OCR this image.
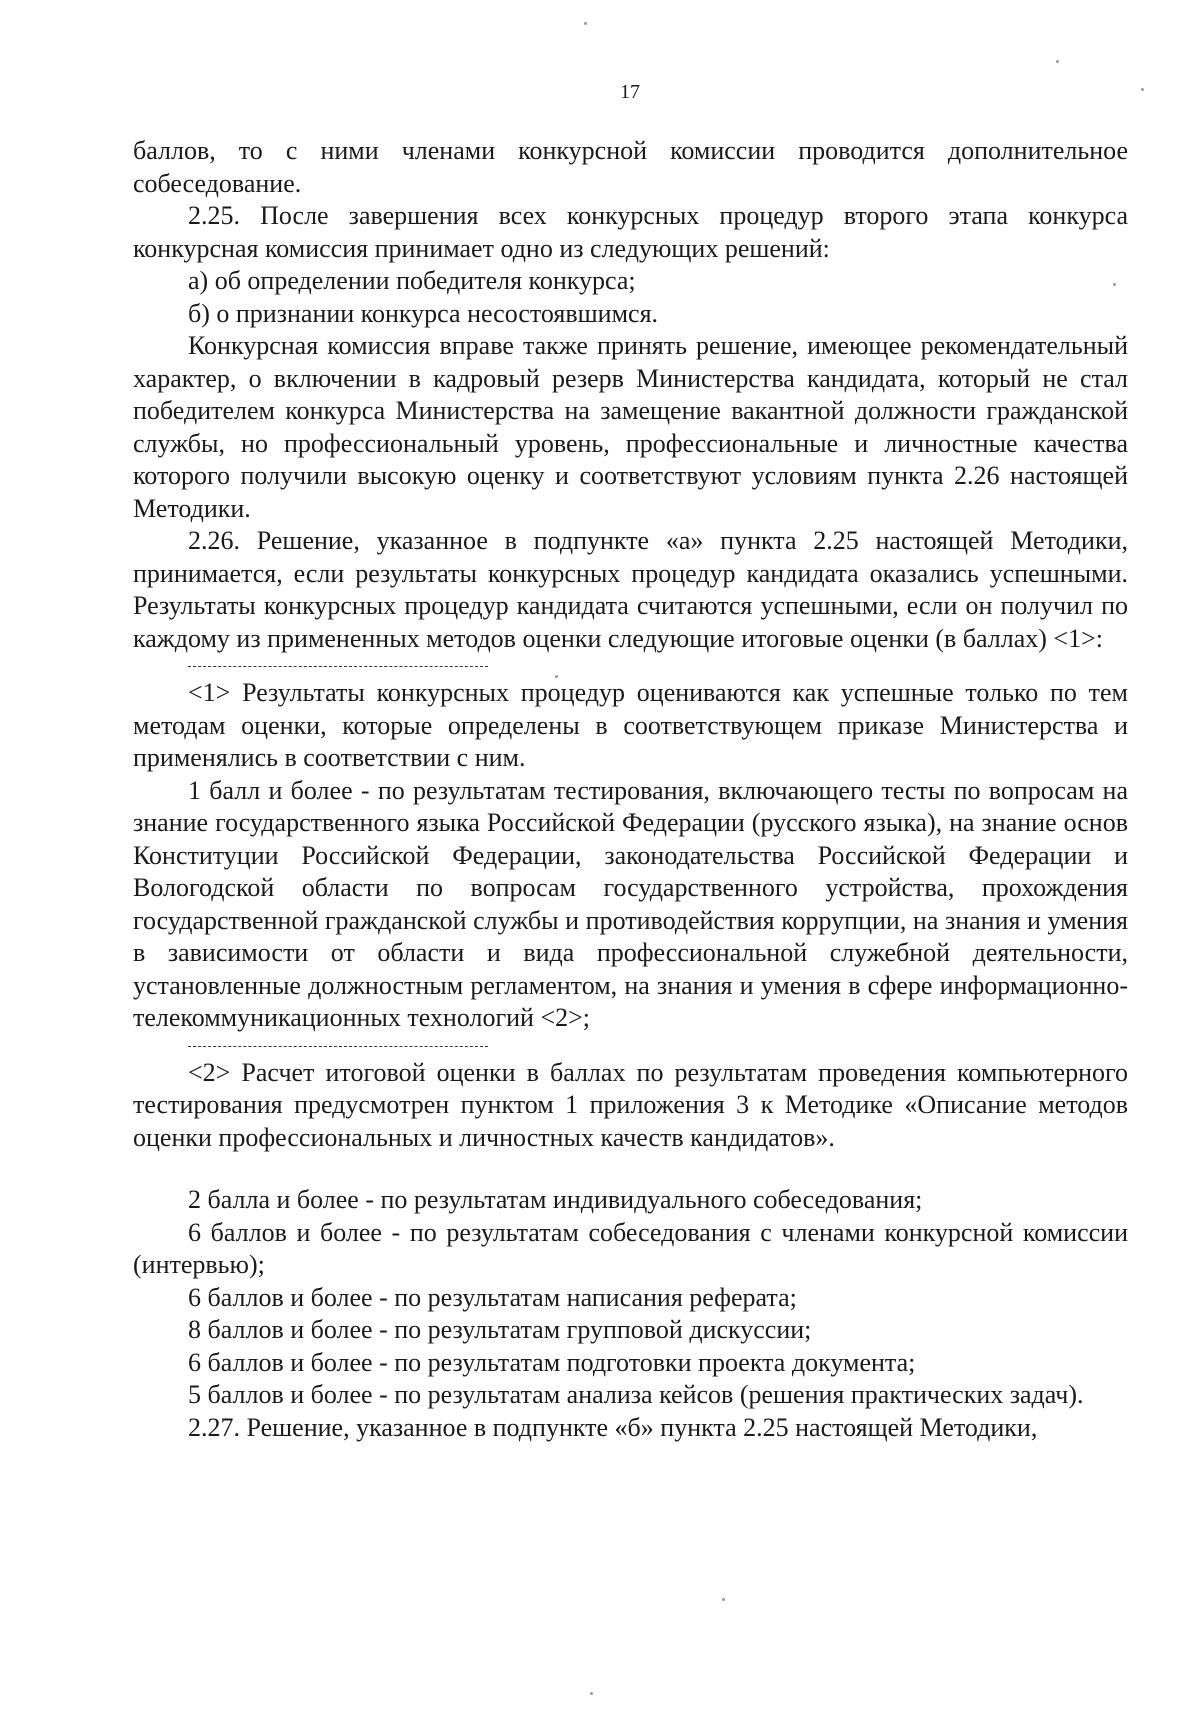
17

баллов, то с ними членами конкурсной комиссии проводится дополнительное собеседование.

2.25. После завершения всех конкурсных процедур второго этапа конкурса конкурсная комиссия принимает одно из следующих решений:

а) об определении победителя конкурса;

б) о признании конкурса несостоявшимся.

Конкурсная комиссия вправе также принять решение, имеющее рекомендательный характер, о включении в кадровый резерв Министерства кандидата, который не стал победителем конкурса Министерства на замещение вакантной должности гражданской службы, но профессиональный уровень, профессиональные и личностные качества которого получили высокую оценку и соответствуют условиям пункта 2.26 настоящей Методики.

2.26. Решение, указанное в подпункте «а» пункта 2.25 настоящей Методики, принимается, если результаты конкурсных процедур кандидата оказались успешными. Результаты конкурсных процедур кандидата считаются успешными, если он получил по каждому из примененных методов оценки следующие итоговые оценки (в баллах) <1>:

<1> Результаты конкурсных процедур оцениваются как успешные только по тем методам оценки, которые определены в соответствующем приказе Министерства и применялись в соответствии с ним.

1 балл и более - по результатам тестирования, включающего тесты по вопросам на знание государственного языка Российской Федерации (русского языка), на знание основ Конституции Российской Федерации, законодательства Российской Федерации и Вологодской области по вопросам государственного устройства, прохождения государственной гражданской службы и противодействия коррупции, на знания и умения в зависимости от области и вида профессиональной служебной деятельности, установленные должностным регламентом, на знания и умения в сфере информационно-телекоммуникационных технологий <2>;

<2> Расчет итоговой оценки в баллах по результатам проведения компьютерного тестирования предусмотрен пунктом 1 приложения 3 к Методике «Описание методов оценки профессиональных и личностных качеств кандидатов».

2 балла и более - по результатам индивидуального собеседования;

6 баллов и более - по результатам собеседования с членами конкурсной комиссии (интервью);

6 баллов и более - по результатам написания реферата;

8 баллов и более - по результатам групповой дискуссии;

6 баллов и более - по результатам подготовки проекта документа;

5 баллов и более - по результатам анализа кейсов (решения практических задач).

2.27. Решение, указанное в подпункте «б» пункта 2.25 настоящей Методики,
